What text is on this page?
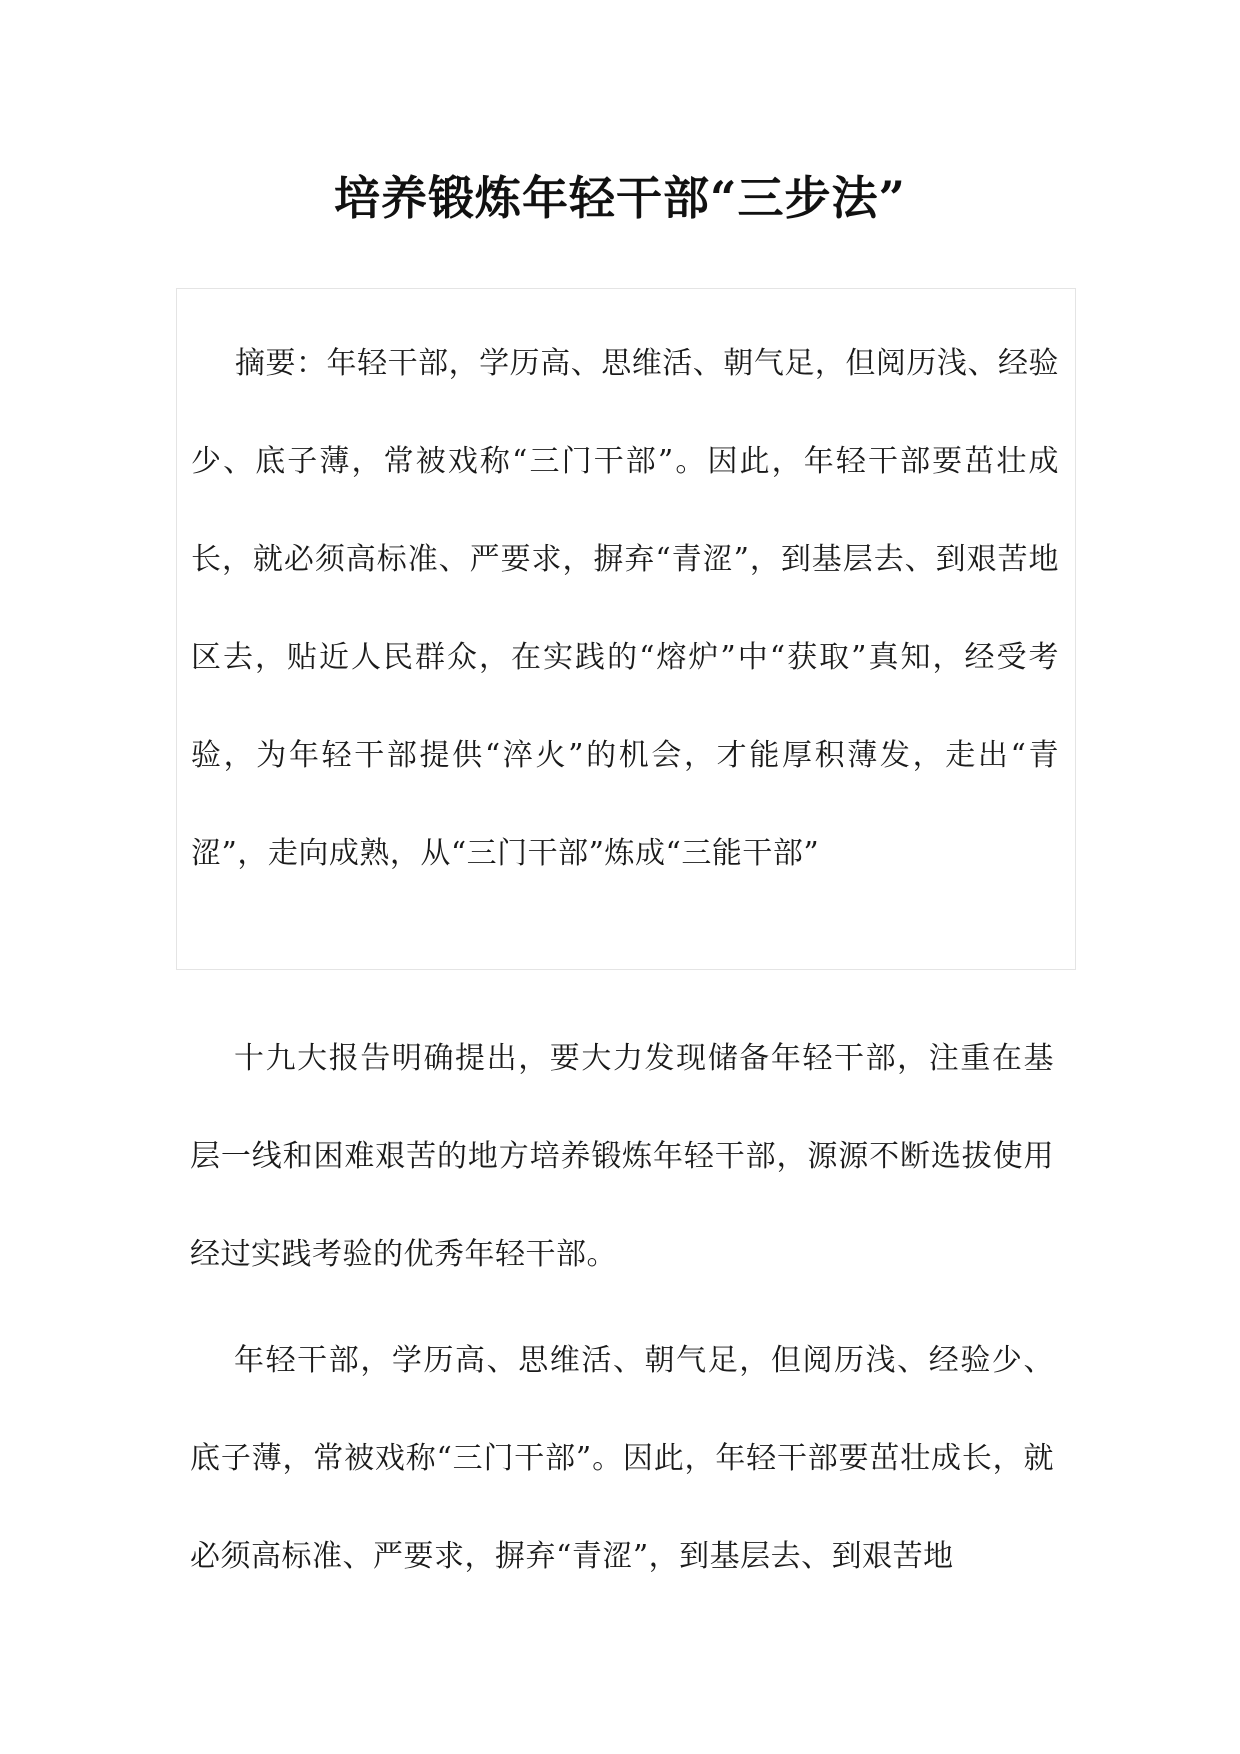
培养锻炼年轻干部“三步法”

摘要：年轻干部，学历高、思维活、朝气足，但阅历浅、经验少、底子薄，常被戏称“三门干部”。因此，年轻干部要茁壮成长，就必须高标准、严要求，摒弃“青涩”，到基层去、到艰苦地区去，贴近人民群众，在实践的“熔炉”中“获取”真知，经受考验，为年轻干部提供“淬火”的机会，才能厚积薄发，走出“青涩”，走向成熟，从“三门干部”炼成“三能干部”

十九大报告明确提出，要大力发现储备年轻干部，注重在基层一线和困难艰苦的地方培养锻炼年轻干部，源源不断选拔使用经过实践考验的优秀年轻干部。

年轻干部，学历高、思维活、朝气足，但阅历浅、经验少、底子薄，常被戏称“三门干部”。因此，年轻干部要茁壮成长，就必须高标准、严要求，摒弃“青涩”，到基层去、到艰苦地
